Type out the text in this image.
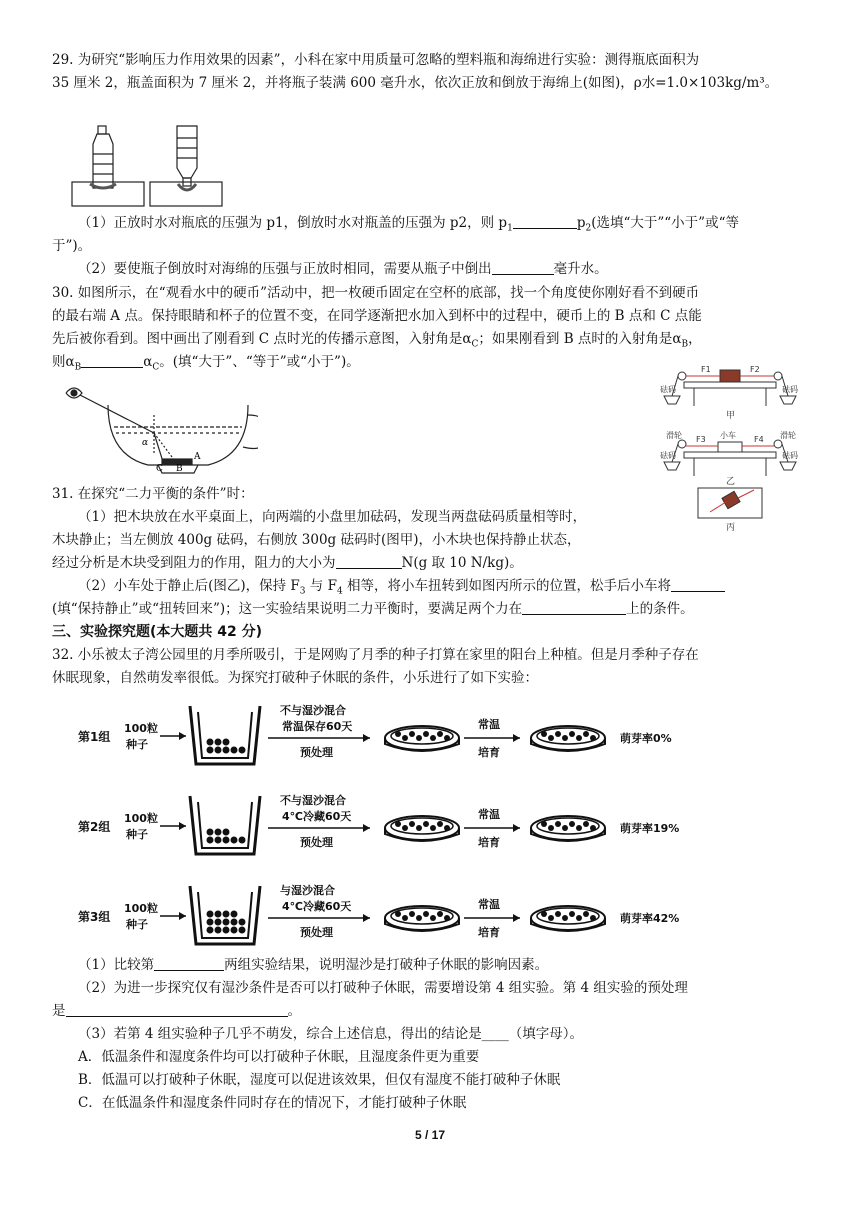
29. 为研究“影响压力作用效果的因素”，小科在家中用质量可忽略的塑料瓶和海绵进行实验：测得瓶底面积为
35 厘米 2，瓶盖面积为 7 厘米 2，并将瓶子装满 600 毫升水，依次正放和倒放于海绵上(如图)，ρ水=1.0×103kg/m³。
（1）正放时水对瓶底的压强为 p1，倒放时水对瓶盖的压强为 p2，则 $p_1$	$p_2$(选填“大于”“小于”或“等
于”)。
（2）要使瓶子倒放时对海绵的压强与正放时相同，需要从瓶子中倒出	毫升水。
30. 如图所示，在“观看水中的硬币”活动中，把一枚硬币固定在空杯的底部，找一个角度使你刚好看不到硬币
的最右端 A 点。保持眼睛和杯子的位置不变，在同学逐渐把水加入到杯中的过程中，硬币上的 B 点和 C 点能
先后被你看到。图中画出了刚看到 C 点时光的传播示意图，入射角是$\alpha_C$；如果刚看到 B 点时的入射角是$\alpha_B$，
则$\alpha_B$	$\alpha_C$。(填“大于”、“等于”或“小于”)。
α
C B
A
F1	F2
砝码	砝码
甲
滑轮	滑轮
小车
F3	F4
砝码	砝码
乙
丙
31. 在探究“二力平衡的条件”时：
（1）把木块放在水平桌面上，向两端的小盘里加砝码，发现当两盘砝码质量相等时，
木块静止；当左侧放 400g 砝码，右侧放 300g 砝码时(图甲)，小木块也保持静止状态，
经过分析是木块受到阻力的作用，阻力的大小为	N(g 取 10 N/kg)。
（2）小车处于静止后(图乙)，保持 $F_3$ 与 $F_4$ 相等，将小车扭转到如图丙所示的位置，松手后小车将
(填“保持静止”或“扭转回来”)；这一实验结果说明二力平衡时，要满足两个力在	上的条件。
三、实验探究题(本大题共 42 分)
32. 小乐被太子湾公园里的月季所吸引，于是网购了月季的种子打算在家里的阳台上种植。但是月季种子存在
休眠现象，自然萌发率很低。为探究打破种子休眠的条件，小乐进行了如下实验：
第1组
100粒
种子
不与湿沙混合
常温保存60天
预处理
常温
培育
萌芽率0%
第2组
100粒
种子
不与湿沙混合
4℃冷藏60天
预处理
常温
培育
萌芽率19%
第3组
100粒
种子
与湿沙混合
4℃冷藏60天
预处理
常温
培育
萌芽率42%
（1）比较第	两组实验结果，说明湿沙是打破种子休眠的影响因素。
（2）为进一步探究仅有湿沙条件是否可以打破种子休眠，需要增设第 4 组实验。第 4 组实验的预处理
是	。
（3）若第 4 组实验种子几乎不萌发，综合上述信息，得出的结论是____（填字母）。
A．低温条件和湿度条件均可以打破种子休眠，且湿度条件更为重要
B．低温可以打破种子休眠，湿度可以促进该效果，但仅有湿度不能打破种子休眠
C．在低温条件和湿度条件同时存在的情况下，才能打破种子休眠
5 / 17
